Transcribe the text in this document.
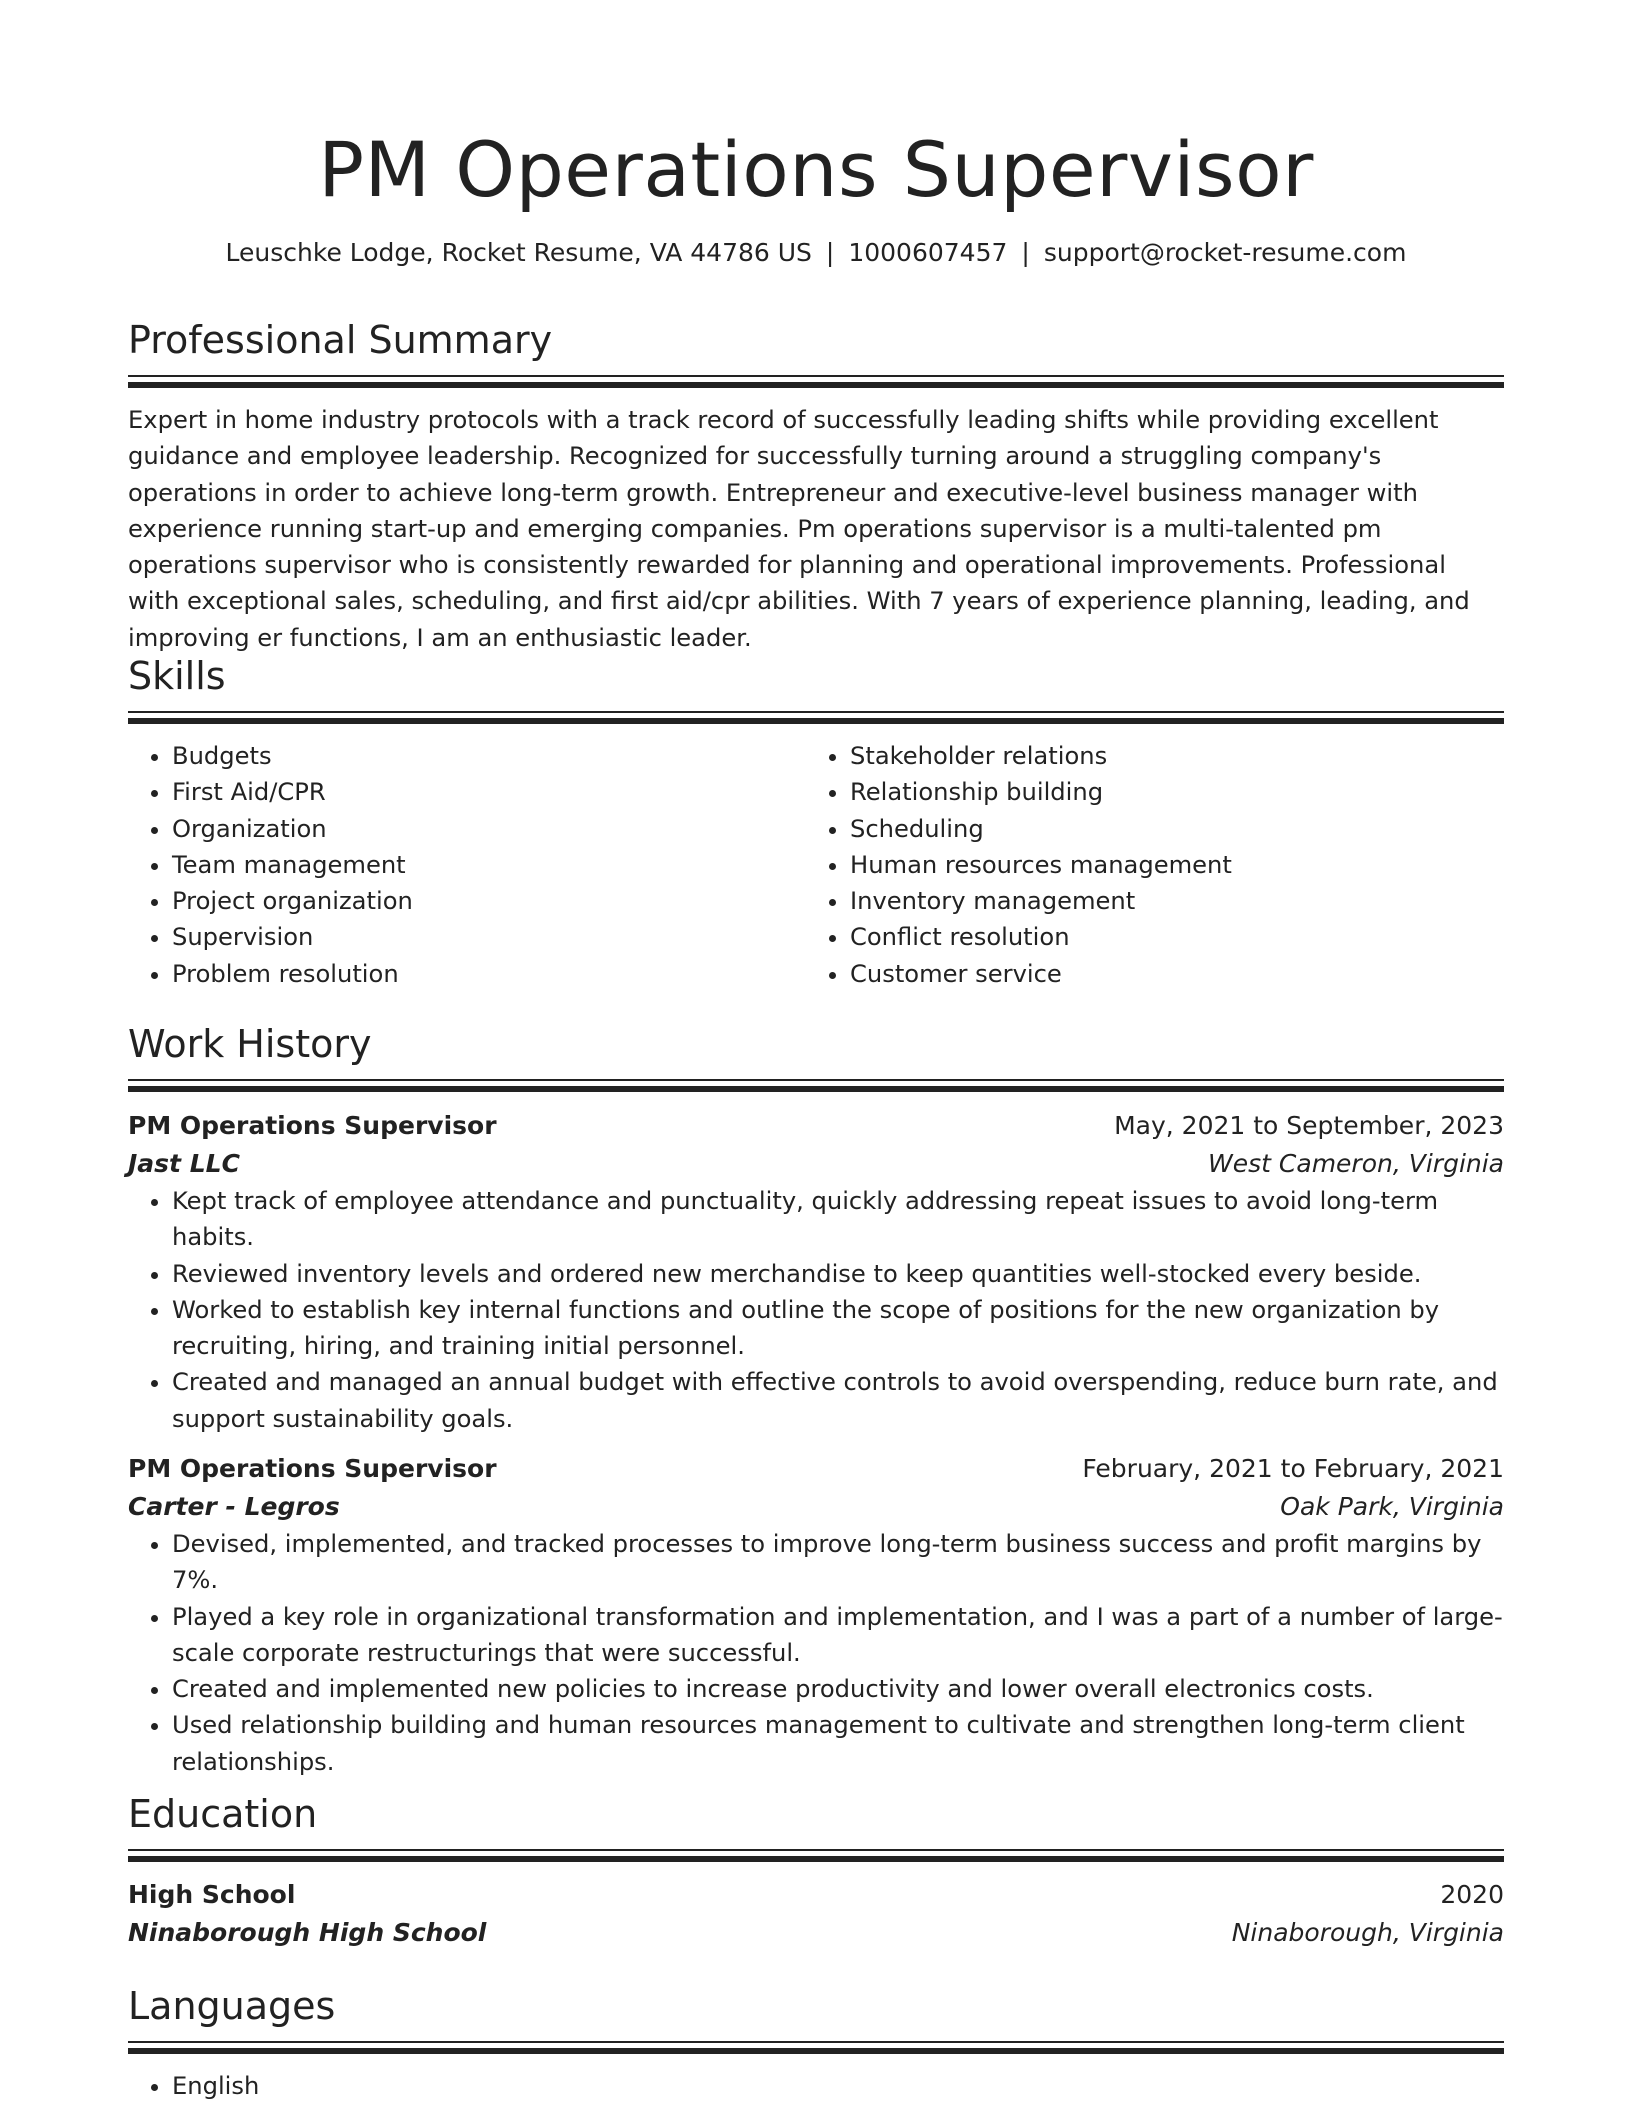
PM Operations Supervisor
Leuschke Lodge, Rocket Resume, VA 44786 US | 1000607457 | support@rocket-resume.com
Professional Summary

Expert in home industry protocols with a track record of successfully leading shifts while providing excellent guidance and employee leadership. Recognized for successfully turning around a struggling company's operations in order to achieve long-term growth. Entrepreneur and executive-level business manager with experience running start-up and emerging companies. Pm operations supervisor is a multi-talented pm operations supervisor who is consistently rewarded for planning and operational improvements. Professional with exceptional sales, scheduling, and first aid/cpr abilities. With 7 years of experience planning, leading, and improving er functions, I am an enthusiastic leader.

Skills
• Budgets
• First Aid/CPR
• Organization
• Team management
• Project organization
• Supervision
• Problem resolution
• Stakeholder relations
• Relationship building
• Scheduling
• Human resources management
• Inventory management
• Conflict resolution
• Customer service
Work History
PM Operations Supervisor	May, 2021 to September, 2023
Jast LLC	West Cameron, Virginia
• Kept track of employee attendance and punctuality, quickly addressing repeat issues to avoid long-term habits.
• Reviewed inventory levels and ordered new merchandise to keep quantities well-stocked every beside.
• Worked to establish key internal functions and outline the scope of positions for the new organization by recruiting, hiring, and training initial personnel.
• Created and managed an annual budget with effective controls to avoid overspending, reduce burn rate, and support sustainability goals.
PM Operations Supervisor	February, 2021 to February, 2021
Carter - Legros	Oak Park, Virginia
• Devised, implemented, and tracked processes to improve long-term business success and profit margins by 7%.
• Played a key role in organizational transformation and implementation, and I was a part of a number of large-scale corporate restructurings that were successful.
• Created and implemented new policies to increase productivity and lower overall electronics costs.
• Used relationship building and human resources management to cultivate and strengthen long-term client relationships.
Education
High School	2020
Ninaborough High School	Ninaborough, Virginia
Languages
• English
